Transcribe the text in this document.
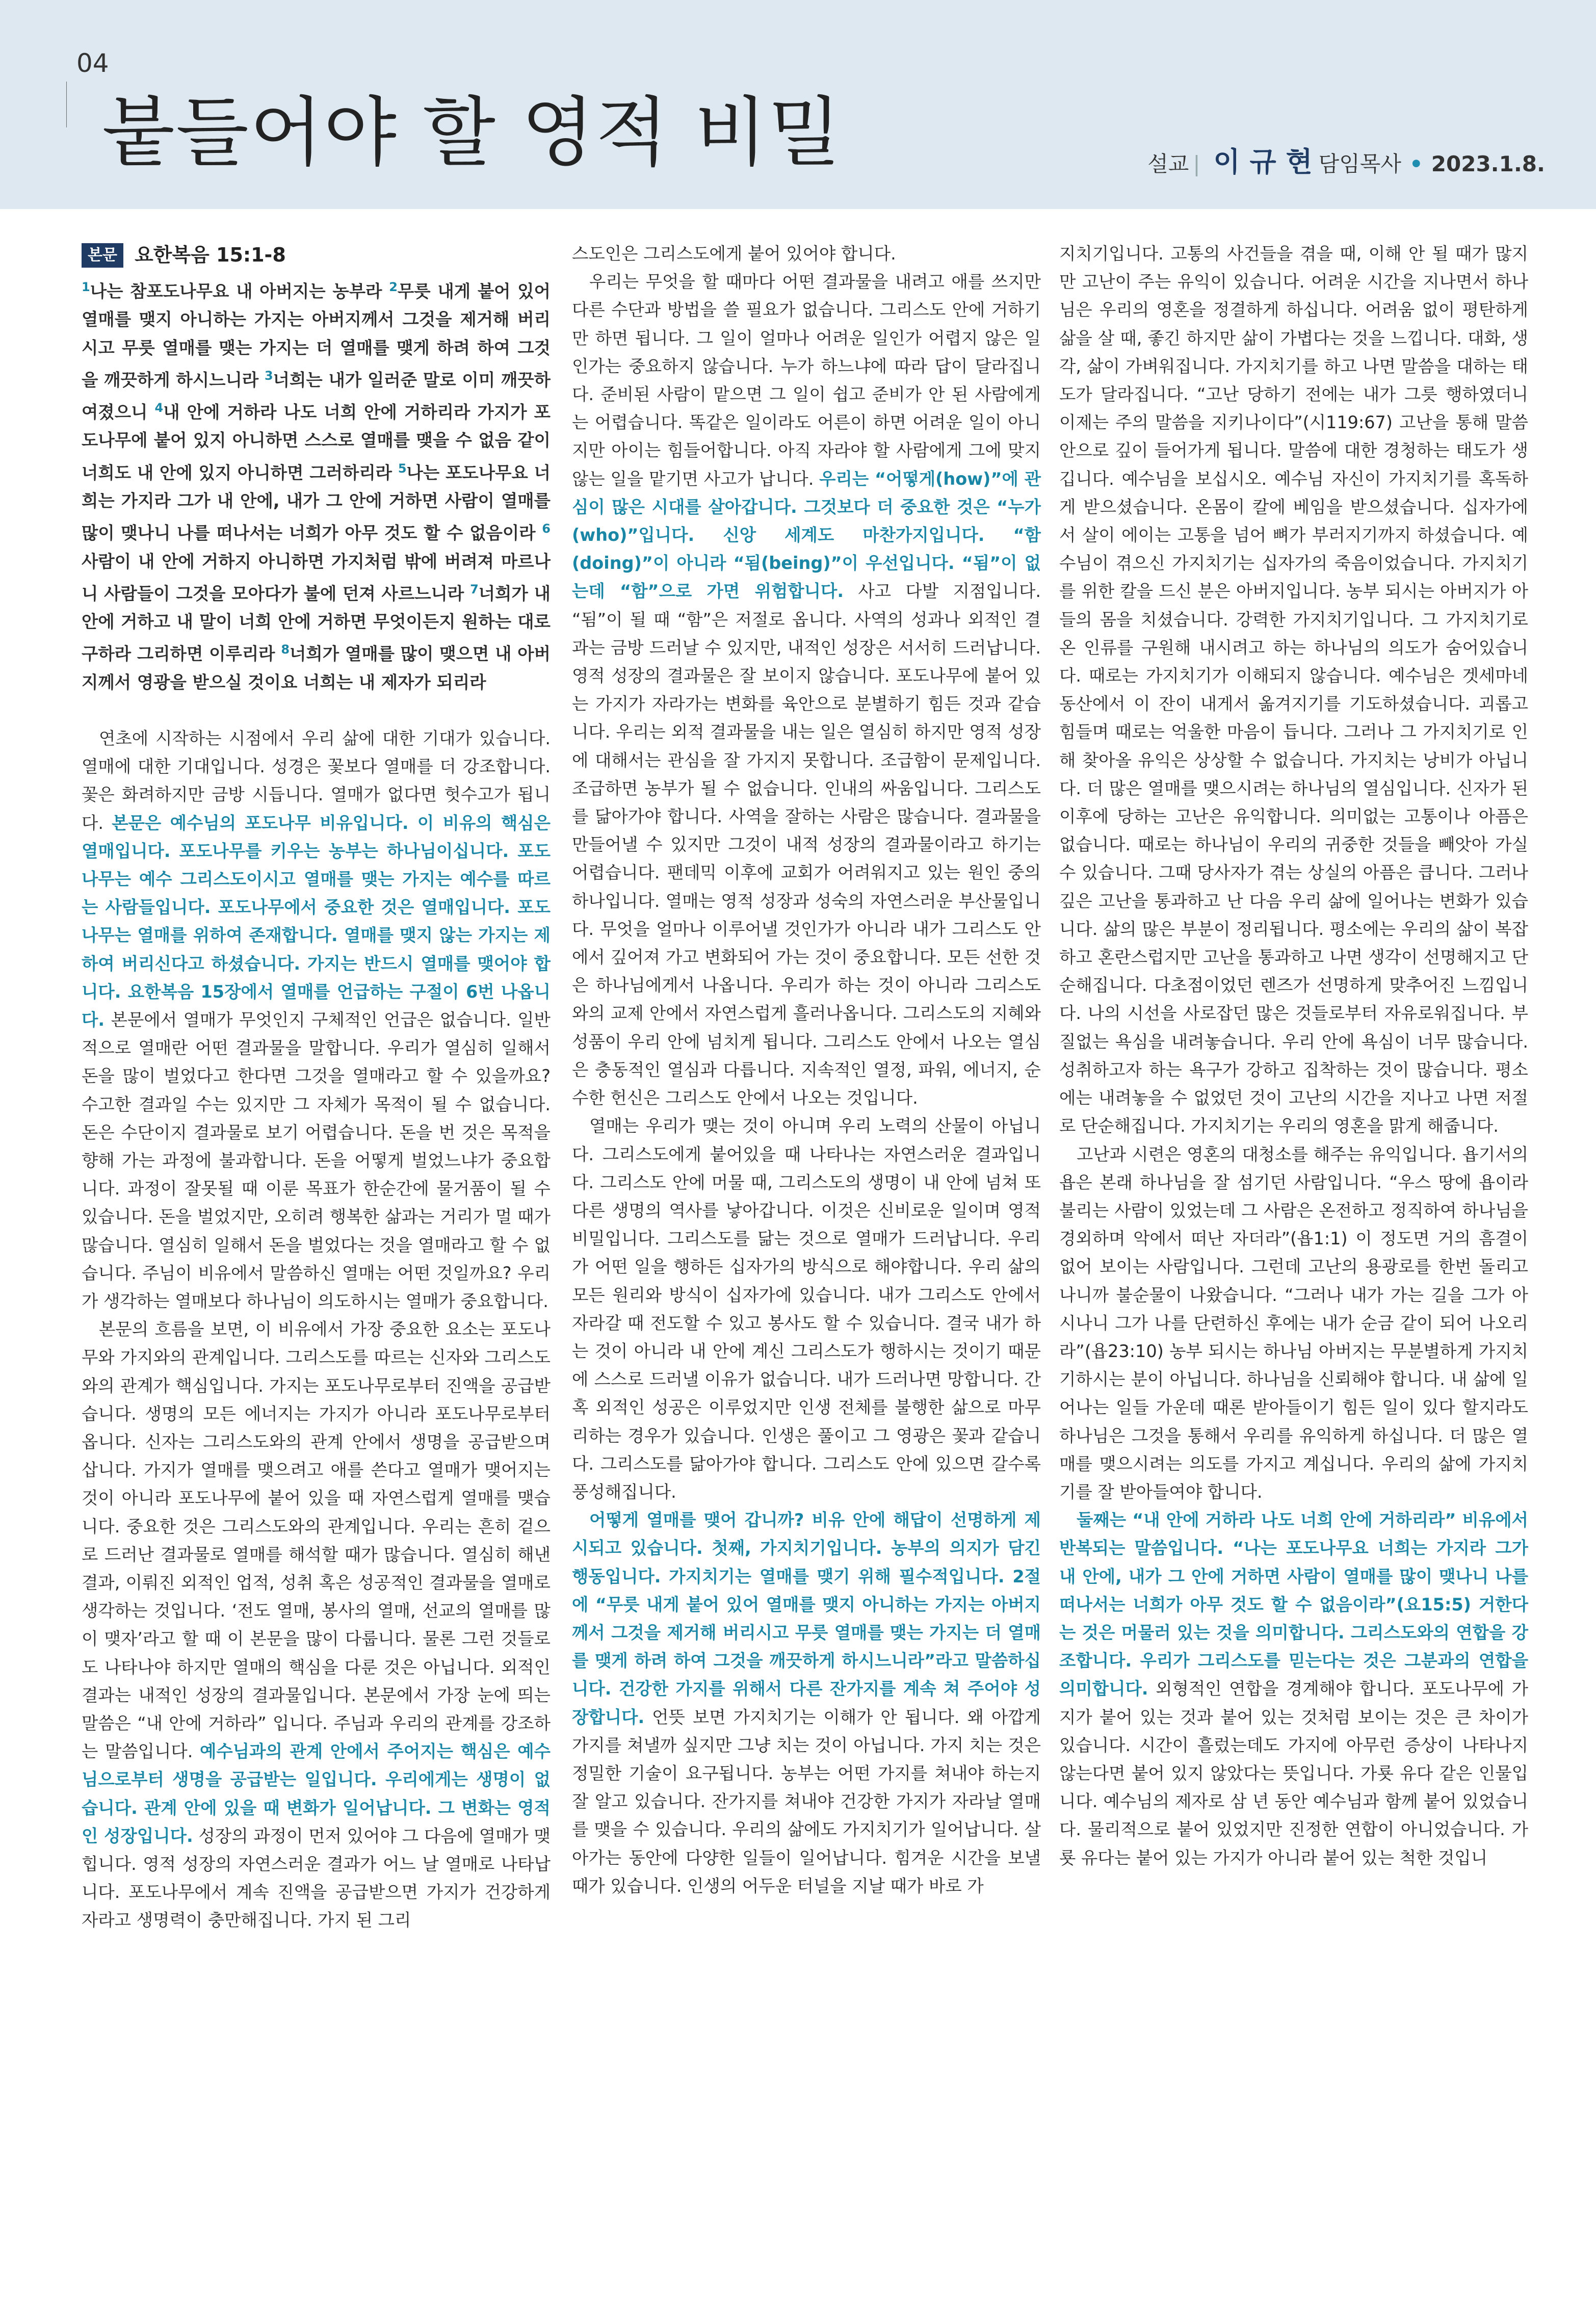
04
붙들어야 할 영적 비밀	설교 | 이 규 현 담임목사 • 2023.1.8.
본문 요한복음 15:1-8

$^1$나는 참포도나무요 내 아버지는 농부라 $^2$무릇 내게 붙어 있어 열매를 맺지 아니하는 가지는 아버지께서 그것을 제거해 버리시고 무릇 열매를 맺는 가지는 더 열매를 맺게 하려 하여 그것을 깨끗하게 하시느니라 $^3$너희는 내가 일러준 말로 이미 깨끗하여졌으니 $^4$내 안에 거하라 나도 너희 안에 거하리라 가지가 포도나무에 붙어 있지 아니하면 스스로 열매를 맺을 수 없음 같이 너희도 내 안에 있지 아니하면 그러하리라 $^5$나는 포도나무요 너희는 가지라 그가 내 안에, 내가 그 안에 거하면 사람이 열매를 많이 맺나니 나를 떠나서는 너희가 아무 것도 할 수 없음이라 $^6$사람이 내 안에 거하지 아니하면 가지처럼 밖에 버려져 마르나니 사람들이 그것을 모아다가 불에 던져 사르느니라 $^7$너희가 내 안에 거하고 내 말이 너희 안에 거하면 무엇이든지 원하는 대로 구하라 그리하면 이루리라 $^8$너희가 열매를 많이 맺으면 내 아버지께서 영광을 받으실 것이요 너희는 내 제자가 되리라

연초에 시작하는 시점에서 우리 삶에 대한 기대가 있습니다. 열매에 대한 기대입니다. 성경은 꽃보다 열매를 더 강조합니다. 꽃은 화려하지만 금방 시듭니다. 열매가 없다면 헛수고가 됩니다. 본문은 예수님의 포도나무 비유입니다. 이 비유의 핵심은 열매입니다. 포도나무를 키우는 농부는 하나님이십니다. 포도나무는 예수 그리스도이시고 열매를 맺는 가지는 예수를 따르는 사람들입니다. 포도나무에서 중요한 것은 열매입니다. 포도나무는 열매를 위하여 존재합니다. 열매를 맺지 않는 가지는 제하여 버리신다고 하셨습니다. 가지는 반드시 열매를 맺어야 합니다. 요한복음 15장에서 열매를 언급하는 구절이 6번 나옵니다. 본문에서 열매가 무엇인지 구체적인 언급은 없습니다. 일반적으로 열매란 어떤 결과물을 말합니다. 우리가 열심히 일해서 돈을 많이 벌었다고 한다면 그것을 열매라고 할 수 있을까요? 수고한 결과일 수는 있지만 그 자체가 목적이 될 수 없습니다. 돈은 수단이지 결과물로 보기 어렵습니다. 돈을 번 것은 목적을 향해 가는 과정에 불과합니다. 돈을 어떻게 벌었느냐가 중요합니다. 과정이 잘못될 때 이룬 목표가 한순간에 물거품이 될 수 있습니다. 돈을 벌었지만, 오히려 행복한 삶과는 거리가 멀 때가 많습니다. 열심히 일해서 돈을 벌었다는 것을 열매라고 할 수 없습니다. 주님이 비유에서 말씀하신 열매는 어떤 것일까요? 우리가 생각하는 열매보다 하나님이 의도하시는 열매가 중요합니다.

본문의 흐름을 보면, 이 비유에서 가장 중요한 요소는 포도나무와 가지와의 관계입니다. 그리스도를 따르는 신자와 그리스도와의 관계가 핵심입니다. 가지는 포도나무로부터 진액을 공급받습니다. 생명의 모든 에너지는 가지가 아니라 포도나무로부터 옵니다. 신자는 그리스도와의 관계 안에서 생명을 공급받으며 삽니다. 가지가 열매를 맺으려고 애를 쓴다고 열매가 맺어지는 것이 아니라 포도나무에 붙어 있을 때 자연스럽게 열매를 맺습니다. 중요한 것은 그리스도와의 관계입니다. 우리는 흔히 겉으로 드러난 결과물로 열매를 해석할 때가 많습니다. 열심히 해낸 결과, 이뤄진 외적인 업적, 성취 혹은 성공적인 결과물을 열매로 생각하는 것입니다. ‘전도 열매, 봉사의 열매, 선교의 열매를 많이 맺자’라고 할 때 이 본문을 많이 다룹니다. 물론 그런 것들로도 나타나야 하지만 열매의 핵심을 다룬 것은 아닙니다. 외적인 결과는 내적인 성장의 결과물입니다. 본문에서 가장 눈에 띄는 말씀은 “내 안에 거하라” 입니다. 주님과 우리의 관계를 강조하는 말씀입니다. 예수님과의 관계 안에서 주어지는 핵심은 예수님으로부터 생명을 공급받는 일입니다. 우리에게는 생명이 없습니다. 관계 안에 있을 때 변화가 일어납니다. 그 변화는 영적인 성장입니다. 성장의 과정이 먼저 있어야 그 다음에 열매가 맺힙니다. 영적 성장의 자연스러운 결과가 어느 날 열매로 나타납니다. 포도나무에서 계속 진액을 공급받으면 가지가 건강하게 자라고 생명력이 충만해집니다. 가지 된 그리

스도인은 그리스도에게 붙어 있어야 합니다.

우리는 무엇을 할 때마다 어떤 결과물을 내려고 애를 쓰지만 다른 수단과 방법을 쓸 필요가 없습니다. 그리스도 안에 거하기만 하면 됩니다. 그 일이 얼마나 어려운 일인가 어렵지 않은 일인가는 중요하지 않습니다. 누가 하느냐에 따라 답이 달라집니다. 준비된 사람이 맡으면 그 일이 쉽고 준비가 안 된 사람에게는 어렵습니다. 똑같은 일이라도 어른이 하면 어려운 일이 아니지만 아이는 힘들어합니다. 아직 자라야 할 사람에게 그에 맞지 않는 일을 맡기면 사고가 납니다. 우리는 “어떻게(how)”에 관심이 많은 시대를 살아갑니다. 그것보다 더 중요한 것은 “누가(who)”입니다. 신앙 세계도 마찬가지입니다. “함(doing)”이 아니라 “됨(being)”이 우선입니다. “됨”이 없는데 “함”으로 가면 위험합니다. 사고 다발 지점입니다. “됨”이 될 때 “함”은 저절로 옵니다. 사역의 성과나 외적인 결과는 금방 드러날 수 있지만, 내적인 성장은 서서히 드러납니다. 영적 성장의 결과물은 잘 보이지 않습니다. 포도나무에 붙어 있는 가지가 자라가는 변화를 육안으로 분별하기 힘든 것과 같습니다. 우리는 외적 결과물을 내는 일은 열심히 하지만 영적 성장에 대해서는 관심을 잘 가지지 못합니다. 조급함이 문제입니다. 조급하면 농부가 될 수 없습니다. 인내의 싸움입니다. 그리스도를 닮아가야 합니다. 사역을 잘하는 사람은 많습니다. 결과물을 만들어낼 수 있지만 그것이 내적 성장의 결과물이라고 하기는 어렵습니다. 팬데믹 이후에 교회가 어려워지고 있는 원인 중의 하나입니다. 열매는 영적 성장과 성숙의 자연스러운 부산물입니다. 무엇을 얼마나 이루어낼 것인가가 아니라 내가 그리스도 안에서 깊어져 가고 변화되어 가는 것이 중요합니다. 모든 선한 것은 하나님에게서 나옵니다. 우리가 하는 것이 아니라 그리스도와의 교제 안에서 자연스럽게 흘러나옵니다. 그리스도의 지혜와 성품이 우리 안에 넘치게 됩니다. 그리스도 안에서 나오는 열심은 충동적인 열심과 다릅니다. 지속적인 열정, 파워, 에너지, 순수한 헌신은 그리스도 안에서 나오는 것입니다.

열매는 우리가 맺는 것이 아니며 우리 노력의 산물이 아닙니다. 그리스도에게 붙어있을 때 나타나는 자연스러운 결과입니다. 그리스도 안에 머물 때, 그리스도의 생명이 내 안에 넘쳐 또 다른 생명의 역사를 낳아갑니다. 이것은 신비로운 일이며 영적 비밀입니다. 그리스도를 닮는 것으로 열매가 드러납니다. 우리가 어떤 일을 행하든 십자가의 방식으로 해야합니다. 우리 삶의 모든 원리와 방식이 십자가에 있습니다. 내가 그리스도 안에서 자라갈 때 전도할 수 있고 봉사도 할 수 있습니다. 결국 내가 하는 것이 아니라 내 안에 계신 그리스도가 행하시는 것이기 때문에 스스로 드러낼 이유가 없습니다. 내가 드러나면 망합니다. 간혹 외적인 성공은 이루었지만 인생 전체를 불행한 삶으로 마무리하는 경우가 있습니다. 인생은 풀이고 그 영광은 꽃과 같습니다. 그리스도를 닮아가야 합니다. 그리스도 안에 있으면 갈수록 풍성해집니다.

어떻게 열매를 맺어 갑니까? 비유 안에 해답이 선명하게 제시되고 있습니다. 첫째, 가지치기입니다. 농부의 의지가 담긴 행동입니다. 가지치기는 열매를 맺기 위해 필수적입니다. 2절에 “무릇 내게 붙어 있어 열매를 맺지 아니하는 가지는 아버지께서 그것을 제거해 버리시고 무릇 열매를 맺는 가지는 더 열매를 맺게 하려 하여 그것을 깨끗하게 하시느니라”라고 말씀하십니다. 건강한 가지를 위해서 다른 잔가지를 계속 쳐 주어야 성장합니다. 언뜻 보면 가지치기는 이해가 안 됩니다. 왜 아깝게 가지를 쳐낼까 싶지만 그냥 치는 것이 아닙니다. 가지 치는 것은 정밀한 기술이 요구됩니다. 농부는 어떤 가지를 쳐내야 하는지 잘 알고 있습니다. 잔가지를 쳐내야 건강한 가지가 자라날 열매를 맺을 수 있습니다. 우리의 삶에도 가지치기가 일어납니다. 살아가는 동안에 다양한 일들이 일어납니다. 힘겨운 시간을 보낼 때가 있습니다. 인생의 어두운 터널을 지날 때가 바로 가

지치기입니다. 고통의 사건들을 겪을 때, 이해 안 될 때가 많지만 고난이 주는 유익이 있습니다. 어려운 시간을 지나면서 하나님은 우리의 영혼을 정결하게 하십니다. 어려움 없이 평탄하게 삶을 살 때, 좋긴 하지만 삶이 가볍다는 것을 느낍니다. 대화, 생각, 삶이 가벼워집니다. 가지치기를 하고 나면 말씀을 대하는 태도가 달라집니다. “고난 당하기 전에는 내가 그릇 행하였더니 이제는 주의 말씀을 지키나이다”(시119:67) 고난을 통해 말씀 안으로 깊이 들어가게 됩니다. 말씀에 대한 경청하는 태도가 생깁니다. 예수님을 보십시오. 예수님 자신이 가지치기를 혹독하게 받으셨습니다. 온몸이 칼에 베임을 받으셨습니다. 십자가에서 살이 에이는 고통을 넘어 뼈가 부러지기까지 하셨습니다. 예수님이 겪으신 가지치기는 십자가의 죽음이었습니다. 가지치기를 위한 칼을 드신 분은 아버지입니다. 농부 되시는 아버지가 아들의 몸을 치셨습니다. 강력한 가지치기입니다. 그 가지치기로 온 인류를 구원해 내시려고 하는 하나님의 의도가 숨어있습니다. 때로는 가지치기가 이해되지 않습니다. 예수님은 겟세마네 동산에서 이 잔이 내게서 옮겨지기를 기도하셨습니다. 괴롭고 힘들며 때로는 억울한 마음이 듭니다. 그러나 그 가지치기로 인해 찾아올 유익은 상상할 수 없습니다. 가지치는 낭비가 아닙니다. 더 많은 열매를 맺으시려는 하나님의 열심입니다. 신자가 된 이후에 당하는 고난은 유익합니다. 의미없는 고통이나 아픔은 없습니다. 때로는 하나님이 우리의 귀중한 것들을 빼앗아 가실 수 있습니다. 그때 당사자가 겪는 상실의 아픔은 큽니다. 그러나 깊은 고난을 통과하고 난 다음 우리 삶에 일어나는 변화가 있습니다. 삶의 많은 부분이 정리됩니다. 평소에는 우리의 삶이 복잡하고 혼란스럽지만 고난을 통과하고 나면 생각이 선명해지고 단순해집니다. 다초점이었던 렌즈가 선명하게 맞추어진 느낌입니다. 나의 시선을 사로잡던 많은 것들로부터 자유로워집니다. 부질없는 욕심을 내려놓습니다. 우리 안에 욕심이 너무 많습니다. 성취하고자 하는 욕구가 강하고 집착하는 것이 많습니다. 평소에는 내려놓을 수 없었던 것이 고난의 시간을 지나고 나면 저절로 단순해집니다. 가지치기는 우리의 영혼을 맑게 해줍니다.

고난과 시련은 영혼의 대청소를 해주는 유익입니다. 욥기서의 욥은 본래 하나님을 잘 섬기던 사람입니다. “우스 땅에 욥이라 불리는 사람이 있었는데 그 사람은 온전하고 정직하여 하나님을 경외하며 악에서 떠난 자더라”(욥1:1) 이 정도면 거의 흠결이 없어 보이는 사람입니다. 그런데 고난의 용광로를 한번 돌리고 나니까 불순물이 나왔습니다. “그러나 내가 가는 길을 그가 아시나니 그가 나를 단련하신 후에는 내가 순금 같이 되어 나오리라”(욥23:10) 농부 되시는 하나님 아버지는 무분별하게 가지치기하시는 분이 아닙니다. 하나님을 신뢰해야 합니다. 내 삶에 일어나는 일들 가운데 때론 받아들이기 힘든 일이 있다 할지라도 하나님은 그것을 통해서 우리를 유익하게 하십니다. 더 많은 열매를 맺으시려는 의도를 가지고 계십니다. 우리의 삶에 가지치기를 잘 받아들여야 합니다.

둘째는 “내 안에 거하라 나도 너희 안에 거하리라” 비유에서 반복되는 말씀입니다. “나는 포도나무요 너희는 가지라 그가 내 안에, 내가 그 안에 거하면 사람이 열매를 많이 맺나니 나를 떠나서는 너희가 아무 것도 할 수 없음이라”(요15:5) 거한다는 것은 머물러 있는 것을 의미합니다. 그리스도와의 연합을 강조합니다. 우리가 그리스도를 믿는다는 것은 그분과의 연합을 의미합니다. 외형적인 연합을 경계해야 합니다. 포도나무에 가지가 붙어 있는 것과 붙어 있는 것처럼 보이는 것은 큰 차이가 있습니다. 시간이 흘렀는데도 가지에 아무런 증상이 나타나지 않는다면 붙어 있지 않았다는 뜻입니다. 가룟 유다 같은 인물입니다. 예수님의 제자로 삼 년 동안 예수님과 함께 붙어 있었습니다. 물리적으로 붙어 있었지만 진정한 연합이 아니었습니다. 가룟 유다는 붙어 있는 가지가 아니라 붙어 있는 척한 것입니
